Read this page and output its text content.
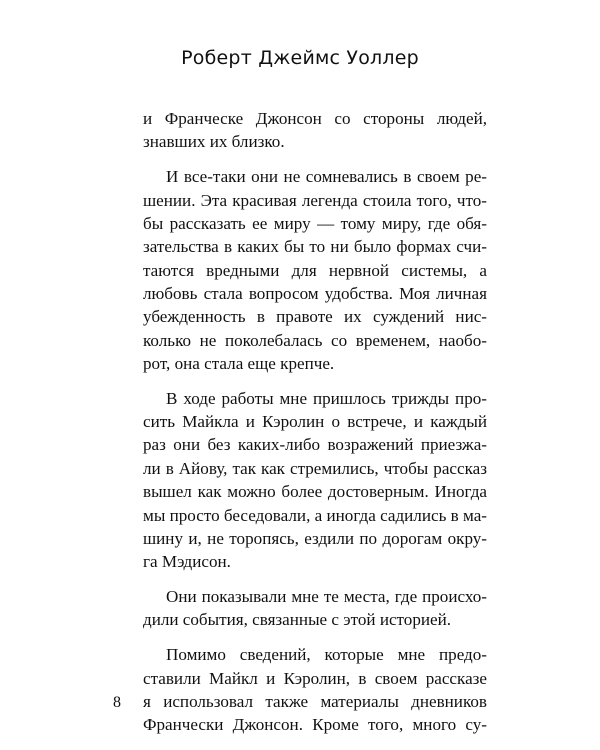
Роберт Джеймс Уоллер
и Франческе Джонсон со стороны людей,
знавших их близко.
И все-таки они не сомневались в своем ре-
шении. Эта красивая легенда стоила того, что-
бы рассказать ее миру — тому миру, где обя-
зательства в каких бы то ни было формах счи-
таются вредными для нервной системы, а
любовь стала вопросом удобства. Моя личная
убежденность в правоте их суждений нис-
колько не поколебалась со временем, наобо-
рот, она стала еще крепче.
В ходе работы мне пришлось трижды про-
сить Майкла и Кэролин о встрече, и каждый
раз они без каких-либо возражений приезжа-
ли в Айову, так как стремились, чтобы рассказ
вышел как можно более достоверным. Иногда
мы просто беседовали, а иногда садились в ма-
шину и, не торопясь, ездили по дорогам окру-
га Мэдисон.
Они показывали мне те места, где происхо-
дили события, связанные с этой историей.
Помимо сведений, которые мне предо-
ставили Майкл и Кэролин, в своем рассказе
я использовал также материалы дневников
Франчески Джонсон. Кроме того, много су-
8
